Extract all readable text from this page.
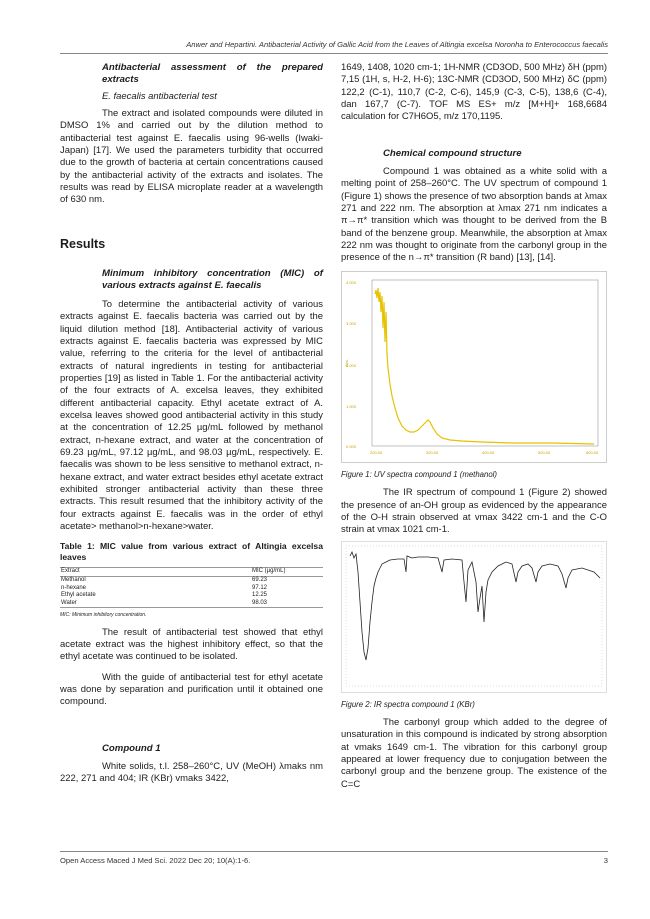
Anwer and Hepartini. Antibacterial Activity of Gallic Acid from the Leaves of Altingia excelsa Noronha to Enterococcus faecalis

Antibacterial assessment of the prepared extracts

E. faecalis antibacterial test

The extract and isolated compounds were diluted in DMSO 1% and carried out by the dilution method to antibacterial test against E. faecalis using 96-wells (Iwaki-Japan) [17]. We used the parameters turbidity that occurred due to the growth of bacteria at certain concentrations caused by the antibacterial activity of the extracts and isolates. The results was read by ELISA microplate reader at a wavelength of 630 nm.

Results

Minimum inhibitory concentration (MIC) of various extracts against E. faecalis

To determine the antibacterial activity of various extracts against E. faecalis bacteria was carried out by the liquid dilution method [18]. Antibacterial activity of various extracts against E. faecalis bacteria was expressed by MIC value, referring to the criteria for the level of antibacterial extracts of natural ingredients in testing for antibacterial properties [19] as listed in Table 1. For the antibacterial activity of the four extracts of A. excelsa leaves, they exhibited different antibacterial capacity. Ethyl acetate extract of A. excelsa leaves showed good antibacterial activity in this study at the concentration of 12.25 µg/mL followed by methanol extract, n-hexane extract, and water at the concentration of 69.23 µg/mL, 97.12 µg/mL, and 98.03 µg/mL, respectively. E. faecalis was shown to be less sensitive to methanol extract, n-hexane extract, and water extract besides ethyl acetate extract exhibited stronger antibacterial activity than these three extracts. This result resumed that the inhibitory activity of the four extracts against E. faecalis was in the order of ethyl acetate> methanol>n-hexane>water.

Table 1: MIC value from various extract of Altingia excelsa leaves

Extract	MIC (µg/mL)
Methanol	69.23
n-hexane	97.12
Ethyl acetate	12.25
Water	98.03

MIC: Minimum inhibitory concentration.

The result of antibacterial test showed that ethyl acetate extract was the highest inhibitory effect, so that the ethyl acetate was continued to be isolated.

With the guide of antibacterial test for ethyl acetate was done by separation and purification until it obtained one compound.

Compound 1

White solids, t.l. 258–260°C, UV (MeOH) λmaks nm 222, 271 and 404; IR (KBr) vmaks 3422,

1649, 1408, 1020 cm-1; 1H-NMR (CD3OD, 500 MHz) δH (ppm) 7,15 (1H, s, H-2, H-6); 13C-NMR (CD3OD, 500 MHz) δC (ppm) 122,2 (C-1), 110,7 (C-2, C-6), 145,9 (C-3, C-5), 138,6 (C-4), dan 167,7 (C-7). TOF MS ES+ m/z [M+H]+ 168,6684 calculation for C7H6O5, m/z 170,1195.

Chemical compound structure

Compound 1 was obtained as a white solid with a melting point of 258–260°C. The UV spectrum of compound 1 (Figure 1) shows the presence of two absorption bands at λmax 271 and 222 nm. The absorption at λmax 271 nm indicates a π→π* transition which was thought to be derived from the B band of the benzene group. Meanwhile, the absorption at λmax 222 nm was thought to originate from the carbonyl group in the presence of the n→π* transition (R band) [13], [14].

4.000
3.000
2.000
1.000
0.000
Abs.
200.00	300.00	400.00	500.00	600.00

Figure 1: UV spectra compound 1 (methanol)

The IR spectrum of compound 1 (Figure 2) showed the presence of an-OH group as evidenced by the appearance of the O-H strain observed at vmax 3422 cm-1 and the C-O strain at vmax 1021 cm-1.

Figure 2: IR spectra compound 1 (KBr)

The carbonyl group which added to the degree of unsaturation in this compound is indicated by strong absorption at vmaks 1649 cm-1. The vibration for this carbonyl group appeared at lower frequency due to conjugation between the carbonyl group and the benzene group. The existence of the C=C

Open Access Maced J Med Sci. 2022 Dec 20; 10(A):1-6.	3
